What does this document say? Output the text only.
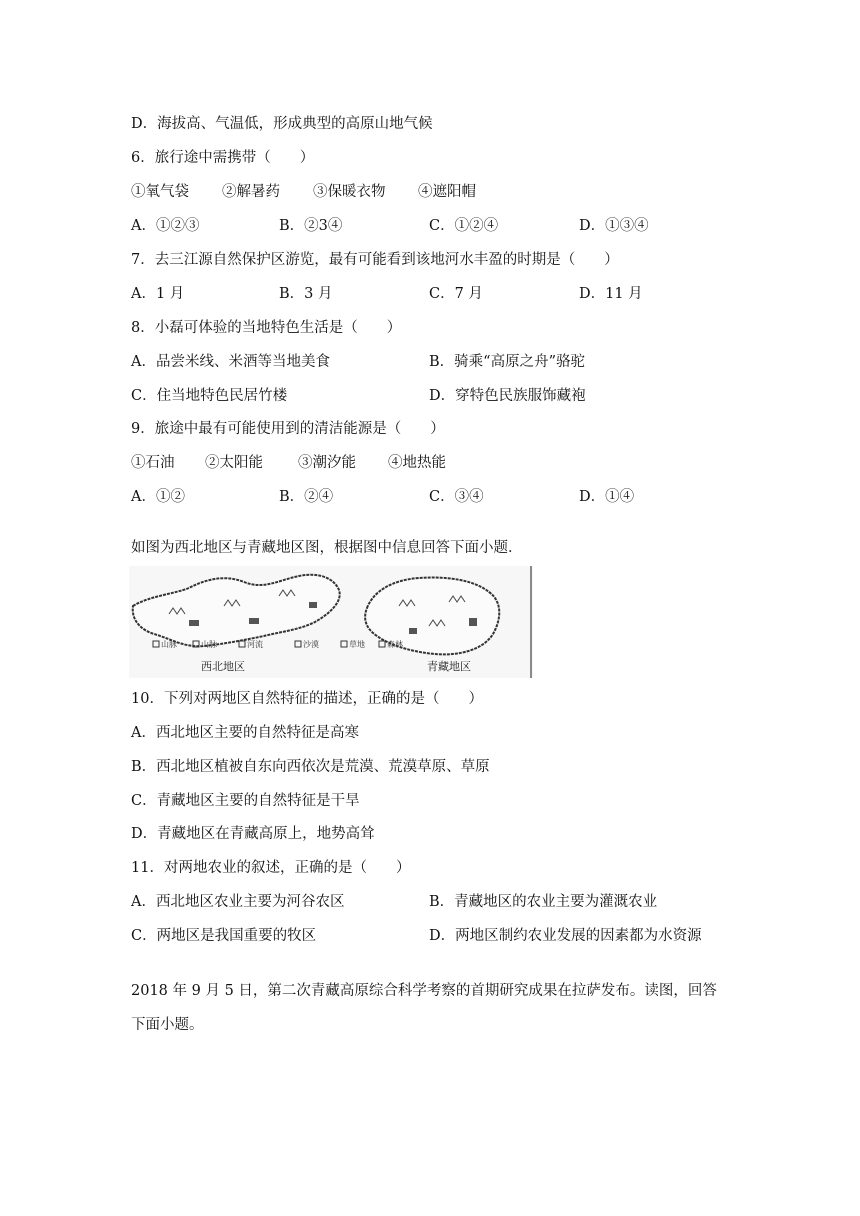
D．海拔高、气温低，形成典型的高原山地气候
6．旅行途中需携带（　　）
①氧气袋 ②解暑药 ③保暖衣物 ④遮阳帽
A．①②③	B．②3④	C．①②④	D．①③④
7．去三江源自然保护区游览，最有可能看到该地河水丰盈的时期是（　　）
A．1 月	B．3 月	C．7 月	D．11 月
8．小磊可体验的当地特色生活是（　　）
A．品尝米线、米酒等当地美食	B．骑乘“高原之舟”骆驼
C．住当地特色民居竹楼	D．穿特色民族服饰藏袍
9．旅途中最有可能使用到的清洁能源是（　　）
①石油 ②太阳能 ③潮汐能 ④地热能
A．①②	B．②④	C．③④	D．①④
如图为西北地区与青藏地区图，根据图中信息回答下面小题．
山脉	山脉	河流	沙漠	草地	森林
西北地区	青藏地区
10．下列对两地区自然特征的描述，正确的是（　　）
A．西北地区主要的自然特征是高寒
B．西北地区植被自东向西依次是荒漠、荒漠草原、草原
C．青藏地区主要的自然特征是干旱
D．青藏地区在青藏高原上，地势高耸
11．对两地农业的叙述，正确的是（　　）
A．西北地区农业主要为河谷农区	B．青藏地区的农业主要为灌溉农业
C．两地区是我国重要的牧区	D．两地区制约农业发展的因素都为水资源
2018 年 9 月 5 日，第二次青藏高原综合科学考察的首期研究成果在拉萨发布。读图，回答
下面小题。
